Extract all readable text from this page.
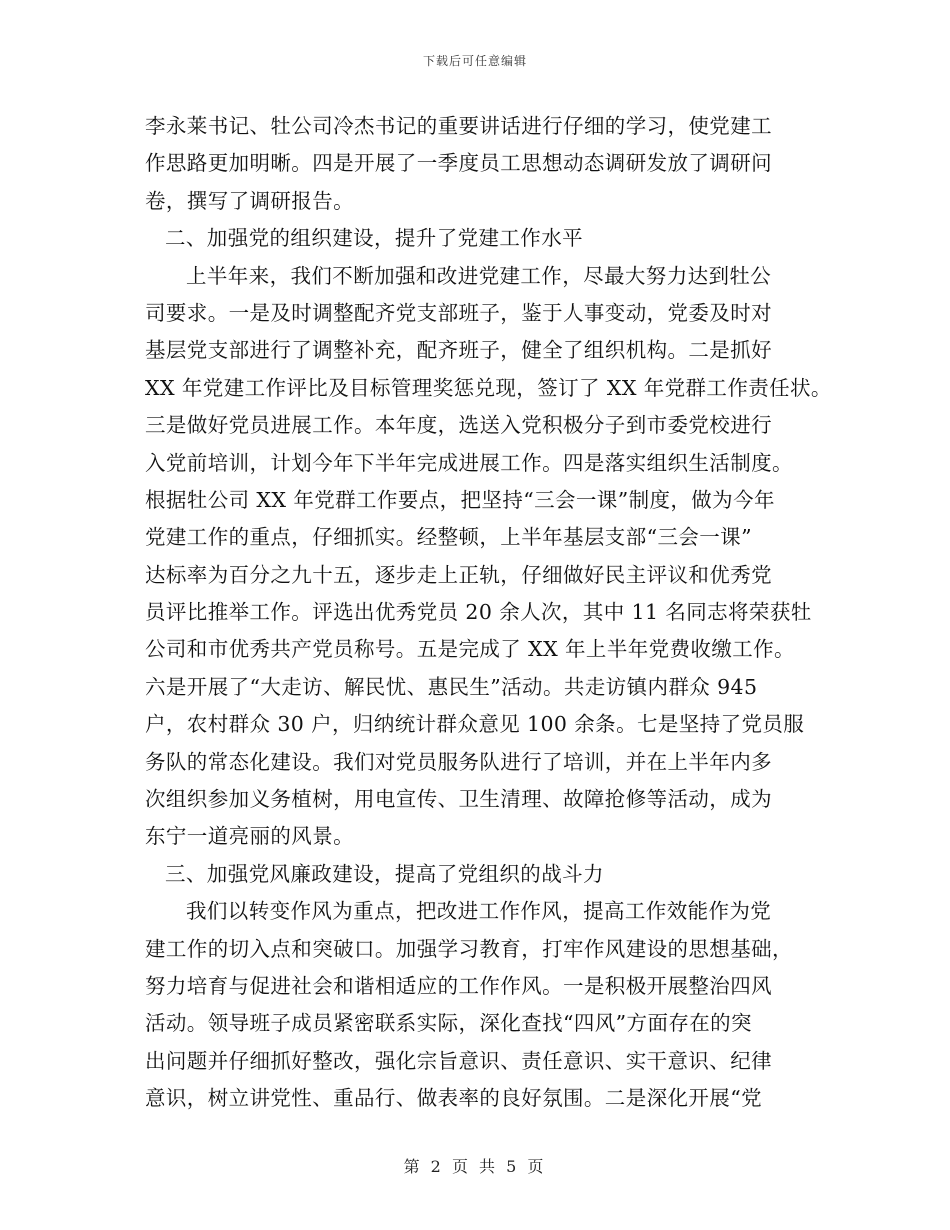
下载后可任意编辑
李永莱书记、牡公司冷杰书记的重要讲话进行仔细的学习，使党建工
作思路更加明晰。四是开展了一季度员工思想动态调研发放了调研问
卷，撰写了调研报告。
二、加强党的组织建设，提升了党建工作水平
上半年来，我们不断加强和改进党建工作，尽最大努力达到牡公
司要求。一是及时调整配齐党支部班子，鉴于人事变动，党委及时对
基层党支部进行了调整补充，配齐班子，健全了组织机构。二是抓好
XX 年党建工作评比及目标管理奖惩兑现，签订了 XX 年党群工作责任状。
三是做好党员进展工作。本年度，选送入党积极分子到市委党校进行
入党前培训，计划今年下半年完成进展工作。四是落实组织生活制度。
根据牡公司 XX 年党群工作要点，把坚持“三会一课”制度，做为今年
党建工作的重点，仔细抓实。经整顿，上半年基层支部“三会一课”
达标率为百分之九十五，逐步走上正轨，仔细做好民主评议和优秀党
员评比推举工作。评选出优秀党员 20 余人次，其中 11 名同志将荣获牡
公司和市优秀共产党员称号。五是完成了 XX 年上半年党费收缴工作。
六是开展了“大走访、解民忧、惠民生”活动。共走访镇内群众 945
户，农村群众 30 户，归纳统计群众意见 100 余条。七是坚持了党员服
务队的常态化建设。我们对党员服务队进行了培训，并在上半年内多
次组织参加义务植树，用电宣传、卫生清理、故障抢修等活动，成为
东宁一道亮丽的风景。
三、加强党风廉政建设，提高了党组织的战斗力
我们以转变作风为重点，把改进工作作风，提高工作效能作为党
建工作的切入点和突破口。加强学习教育，打牢作风建设的思想基础，
努力培育与促进社会和谐相适应的工作作风。一是积极开展整治四风
活动。领导班子成员紧密联系实际，深化查找“四风”方面存在的突
出问题并仔细抓好整改，强化宗旨意识、责任意识、实干意识、纪律
意识，树立讲党性、重品行、做表率的良好氛围。二是深化开展“党
第 2 页 共 5 页
